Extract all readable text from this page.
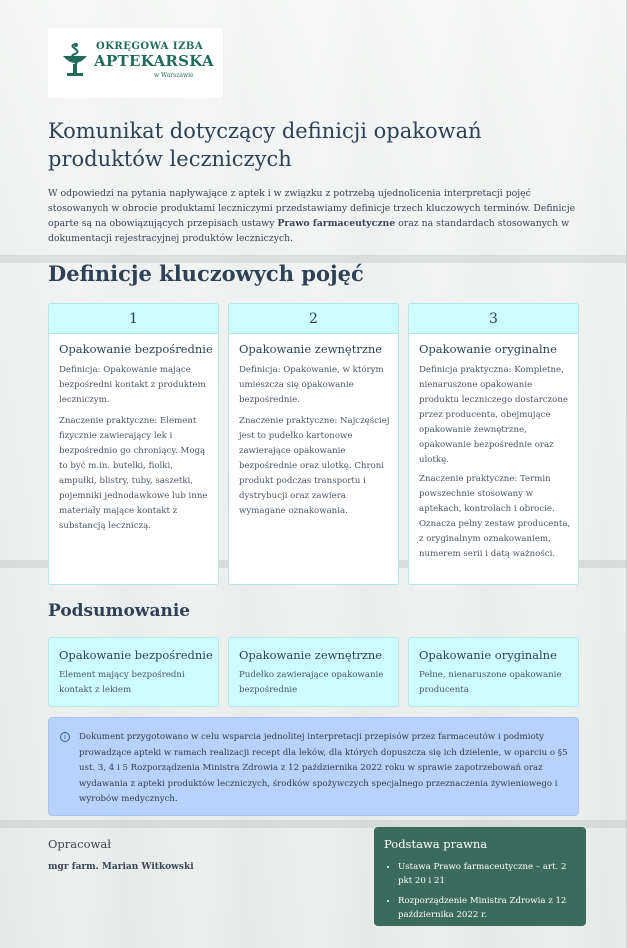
OKRĘGOWA IZBA
APTEKARSKA
w Warszawie
Komunikat dotyczący definicji opakowań produktów leczniczych

W odpowiedzi na pytania napływające z aptek i w związku z potrzebą ujednolicenia interpretacji pojęć stosowanych w obrocie produktami leczniczymi przedstawiamy definicje trzech kluczowych terminów. Definicje oparte są na obowiązujących przepisach ustawy Prawo farmaceutyczne oraz na standardach stosowanych w dokumentacji rejestracyjnej produktów leczniczych.

Definicje kluczowych pojęć
1
Opakowanie bezpośrednie

Definicja: Opakowanie mające bezpośredni kontakt z produktem leczniczym.

Znaczenie praktyczne: Element fizycznie zawierający lek i bezpośrednio go chroniący. Mogą to być m.in. butelki, fiolki, ampułki, blistry, tuby, saszetki, pojemniki jednodawkowe lub inne materiały mające kontakt z substancją leczniczą.

2
Opakowanie zewnętrzne

Definicja: Opakowanie, w którym umieszcza się opakowanie bezpośrednie.

Znaczenie praktyczne: Najczęściej jest to pudełko kartonowe zawierające opakowanie bezpośrednie oraz ulotkę. Chroni produkt podczas transportu i dystrybucji oraz zawiera wymagane oznakowania.

3
Opakowanie oryginalne

Definicja praktyczna: Kompletne, nienaruszone opakowanie produktu leczniczego dostarczone przez producenta, obejmujące opakowanie zewnętrzne, opakowanie bezpośrednie oraz ulotkę.

Znaczenie praktyczne: Termin powszechnie stosowany w aptekach, kontrolach i obrocie. Oznacza pełny zestaw producenta, z oryginalnym oznakowaniem, numerem serii i datą ważności.

Podsumowanie
Opakowanie bezpośrednie

Element mający bezpośredni kontakt z lekiem

Opakowanie zewnętrzne

Pudełko zawierające opakowanie bezpośrednie

Opakowanie oryginalne

Pełne, nienaruszone opakowanie producenta

i	Dokument przygotowano w celu wsparcia jednolitej interpretacji przepisów przez farmaceutów i podmioty prowadzące apteki w ramach realizacji recept dla leków, dla których dopuszcza się ich dzielenie, w oparciu o §5 ust. 3, 4 i 5 Rozporządzenia Ministra Zdrowia z 12 października 2022 roku w sprawie zapotrzebowań oraz wydawania z apteki produktów leczniczych, środków spożywczych specjalnego przeznaczenia żywieniowego i wyrobów medycznych.

Opracował
mgr farm. Marian Witkowski
Podstawa prawna
• Ustawa Prawo farmaceutyczne – art. 2 pkt 20 i 21
• Rozporządzenie Ministra Zdrowia z 12 października 2022 r.
